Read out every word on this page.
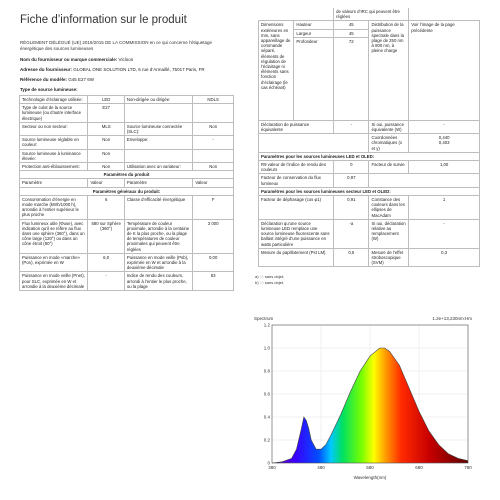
Fiche d’information sur le produit
RÈGLEMENT DÉLÉGUÉ (UE) 2019/2015 DE LA COMMISSION en ce qui concerne l’étiquetage énergétique des sources lumineuses
Nom du fournisseur ou marque commerciale: Vicloon
Adresse du fournisseur: GLOBAL ONE SOLUTION LTD, 6 rue d’Armaillé, 75017 Paris, FR
Référence du modèle: G45 E27 6W
Type de source lumineuse:
Technologie d’éclairage utilisée:	LED	Non-dirigée ou dirigée:	NDLS
Type de culot de la source lumineuse (ou d’autre interface électrique)	E27		
Secteur ou non secteur:	MLS	Source lumineuse connectée (SLC):	Non
Source lumineuse réglable en couleur:	Non	Enveloppe:	-
Source lumineuse à luminance élevée:	Non		
Protection anti-éblouissement:	Non	Utilisation avec un variateur:	Non
Paramètres du produit			
Paramètre	Valeur	Paramètre	Valeur
Paramètres généraux du produit:			
Consommation d’énergie en mode marche (kWh/1000 h), arrondie à l’entier supérieur le plus proche	6	Classe d’efficacité énergétique	F
Flux lumineux utile (Φuse), avec indication qu’il se réfère au flux dans une sphère (360°), dans un cône large (120°) ou dans un cône étroit (90°)	580 sur Sphère (360°)	Température de couleur proximale, arrondie à la centaine de K la plus proche, ou la plage de températures de couleur proximales qui peuvent être réglées	3 000
Puissance en mode «marche» (Pon), exprimée en W	6,0	Puissance en mode veille (Psb), exprimée en W et arrondie à la deuxième décimale	0,00
Puissance en mode veille (Pnet), pour SLC, exprimée en W et arrondie à la deuxième décimale	-	Indice de rendu des couleurs, arrondi à l’entier le plus proche, ou la plage	83
		de valeurs d’IRC qui peuvent être réglées		
Dimensions extérieures en mm, sans appareillage de commande séparé, éléments de régulation de l’éclairage ni éléments sans fonction d’éclairage (le cas échéant)	Hauteur	45	Distribution de la puissance spectrale dans la plage de 250 nm à 800 nm, à pleine charge	Voir l’image de la page précédente
	Largeur	45		
	Profondeur	72		
Déclaration de puissance équivalente		-	Si oui, puissance équivalente (W)	-
			Coordonnées chromatiques (x et y)	0,440
0,403
Paramètres pour les sources lumineuses LED et OLED:				
R9 valeur de l’indice de rendu des couleurs		0	Facteur de survie	1,00
Facteur de conservation du flux lumineux		0,97		
Paramètres pour les sources lumineuses secteur LED et OLED:				
Facteur de déphasage (cos φ1)		0,91	Constance des couleurs dans les ellipses de MacAdam	1
Déclaration qu’une source lumineuse LED remplace une source lumineuse fluorescente sans ballast intégré d’une puissance en watts particulière		-a	Si oui, déclaration relative au remplacement (W)	-
Mesure du papillotement (Pst LM)		0,5	Mesure de l’effet stroboscopique (SVM)	0,3
a) '-': sans objet;
b) '-': sans objet.
Spectrum	1.2e+13,230nm:Hm
0
0.2
0.4
0.6
0.8
1.0
1.2
380	480	580	680	780
Wavelength(nm)
